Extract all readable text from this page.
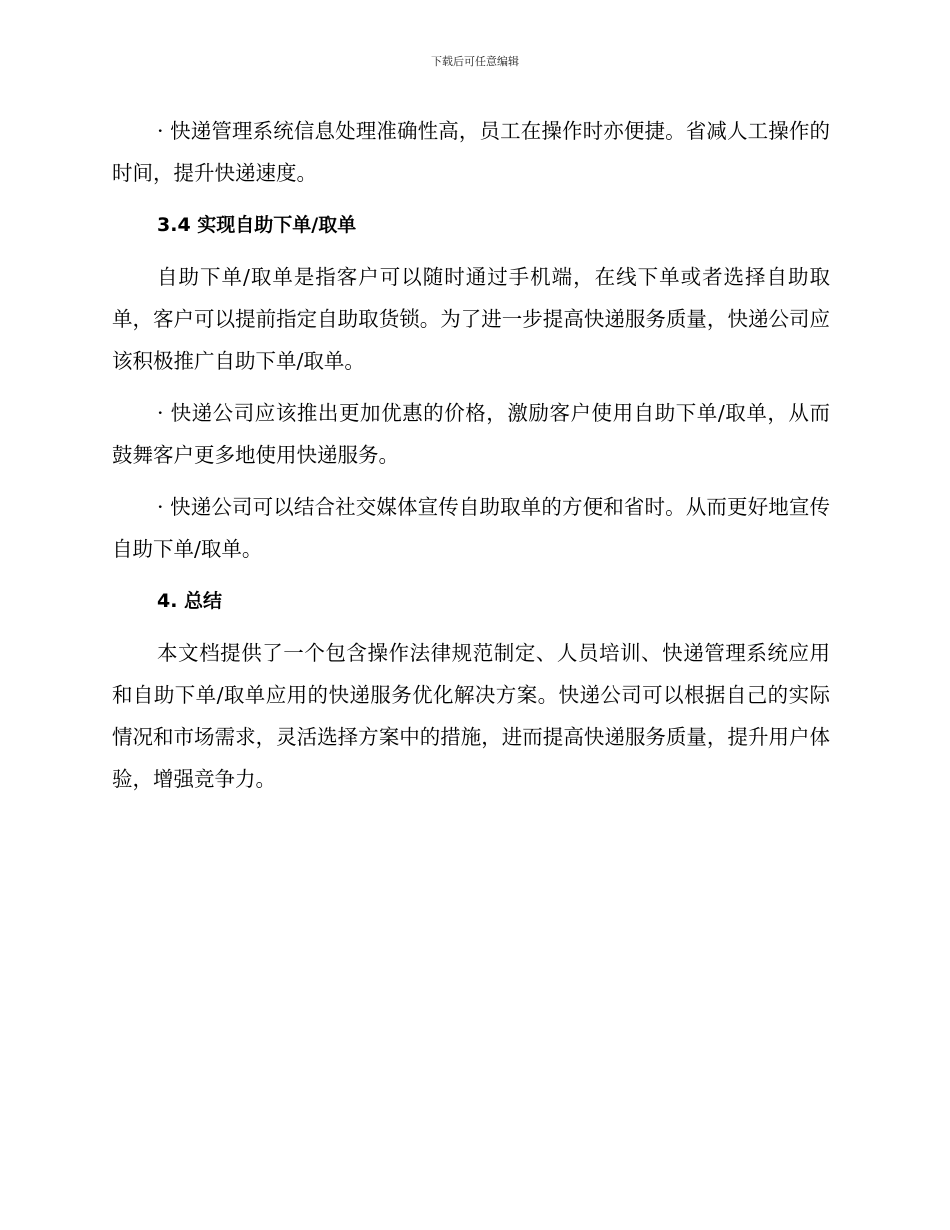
下载后可任意编辑

· 快递管理系统信息处理准确性高，员工在操作时亦便捷。省减人工操作的时间，提升快递速度。

3.4 实现自助下单/取单

自助下单/取单是指客户可以随时通过手机端，在线下单或者选择自助取单，客户可以提前指定自助取货锁。为了进一步提高快递服务质量，快递公司应该积极推广自助下单/取单。

· 快递公司应该推出更加优惠的价格，激励客户使用自助下单/取单，从而鼓舞客户更多地使用快递服务。

· 快递公司可以结合社交媒体宣传自助取单的方便和省时。从而更好地宣传自助下单/取单。

4. 总结

本文档提供了一个包含操作法律规范制定、人员培训、快递管理系统应用和自助下单/取单应用的快递服务优化解决方案。快递公司可以根据自己的实际情况和市场需求，灵活选择方案中的措施，进而提高快递服务质量，提升用户体验，增强竞争力。
